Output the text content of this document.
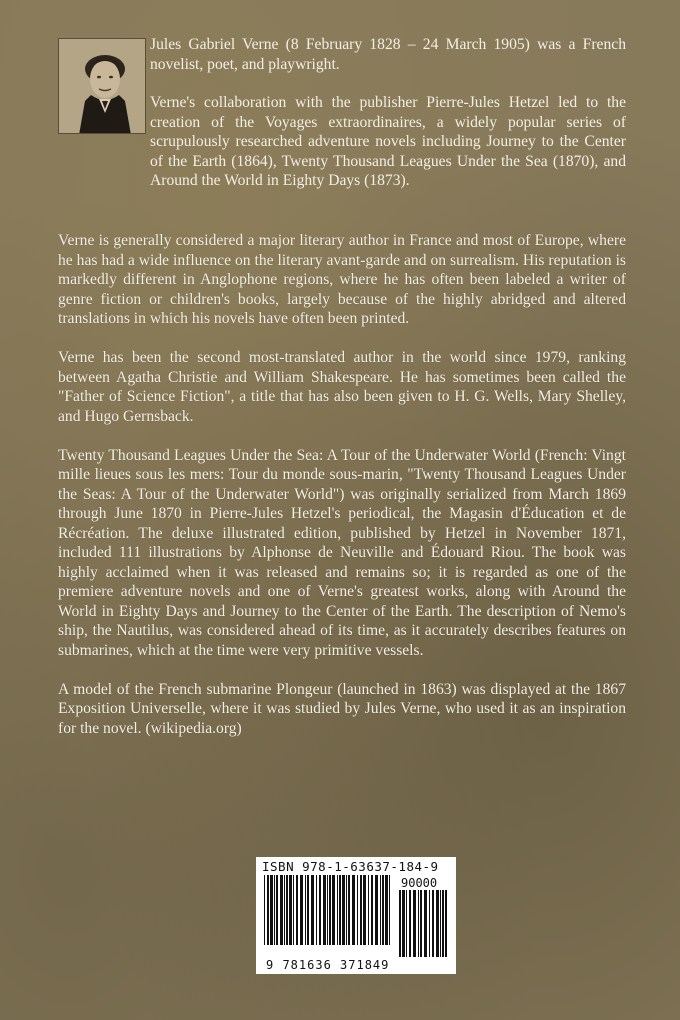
Jules Gabriel Verne (8 February 1828 – 24 March 1905) was a French novelist, poet, and playwright.
Verne's collaboration with the publisher Pierre-Jules Hetzel led to the creation of the Voyages extraordinaires, a widely popular series of scrupulously researched adventure novels including Journey to the Center of the Earth (1864), Twenty Thousand Leagues Under the Sea (1870), and Around the World in Eighty Days (1873).

Verne is generally considered a major literary author in France and most of Europe, where he has had a wide influence on the literary avant-garde and on surrealism. His reputation is markedly different in Anglophone regions, where he has often been labeled a writer of genre fiction or children's books, largely because of the highly abridged and altered translations in which his novels have often been printed.

Verne has been the second most-translated author in the world since 1979, ranking between Agatha Christie and William Shakespeare. He has sometimes been called the "Father of Science Fiction", a title that has also been given to H. G. Wells, Mary Shelley, and Hugo Gernsback.

Twenty Thousand Leagues Under the Sea: A Tour of the Underwater World (French: Vingt mille lieues sous les mers: Tour du monde sous-marin, "Twenty Thousand Leagues Under the Seas: A Tour of the Underwater World") was originally serialized from March 1869 through June 1870 in Pierre-Jules Hetzel's periodical, the Magasin d'Éducation et de Récréation. The deluxe illustrated edition, published by Hetzel in November 1871, included 111 illustrations by Alphonse de Neuville and Édouard Riou. The book was highly acclaimed when it was released and remains so; it is regarded as one of the premiere adventure novels and one of Verne's greatest works, along with Around the World in Eighty Days and Journey to the Center of the Earth. The description of Nemo's ship, the Nautilus, was considered ahead of its time, as it accurately describes features on submarines, which at the time were very primitive vessels.

A model of the French submarine Plongeur (launched in 1863) was displayed at the 1867 Exposition Universelle, where it was studied by Jules Verne, who used it as an inspiration for the novel. (wikipedia.org)

ISBN 978-1-63637-184-9
90000
9 781636 371849
